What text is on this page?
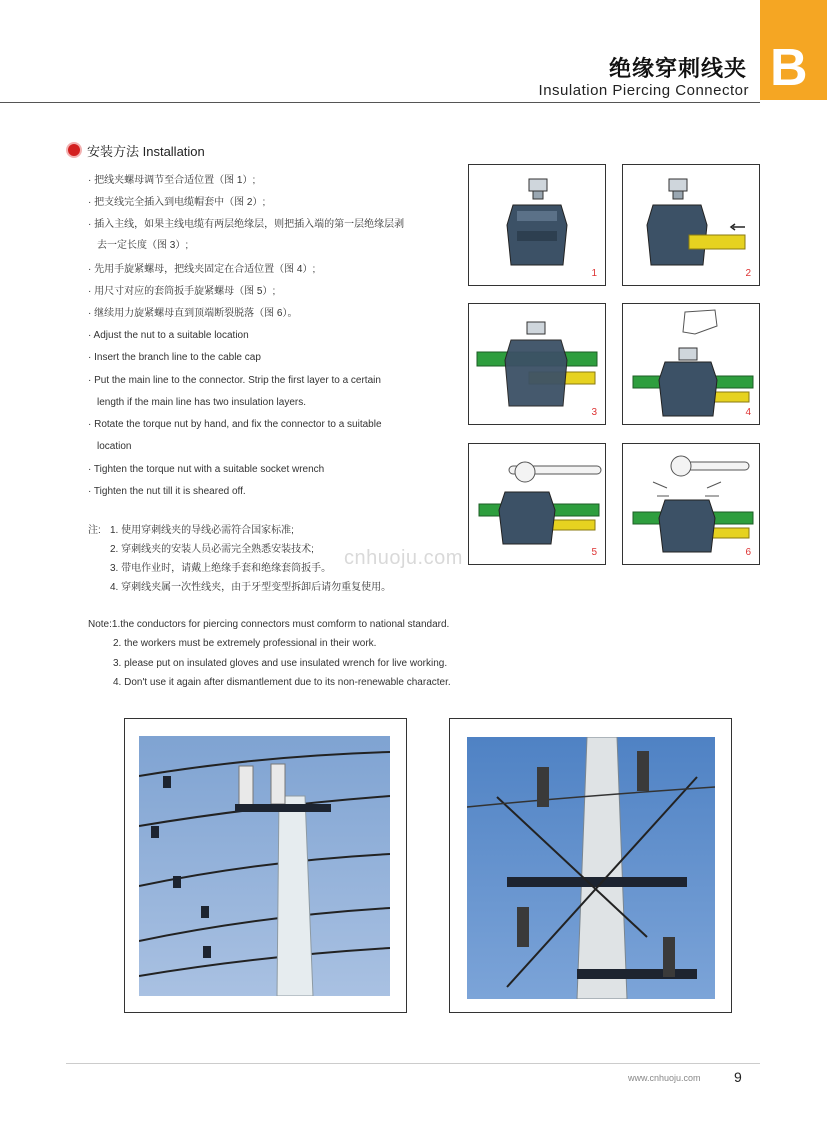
绝缘穿刺线夹
Insulation Piercing Connector B
安装方法 Installation
· 把线夹螺母调节至合适位置（图 1）;
· 把支线完全插入到电缆帽套中（图 2）;
· 插入主线，如果主线电缆有两层绝缘层，则把插入端的第一层绝缘层剥
去一定长度（图 3）;
· 先用手旋紧螺母，把线夹固定在合适位置（图 4）;
· 用尺寸对应的套筒扳手旋紧螺母（图 5）;
· 继续用力旋紧螺母直到顶端断裂脱落（图 6）。
· Adjust the nut to a suitable location
· Insert the branch line to the cable cap
· Put the main line to the connector. Strip the first layer to a certain
length if the main line has two insulation layers.
· Rotate the torque nut by hand, and fix the connector to a suitable
location
· Tighten the torque nut with a suitable socket wrench
· Tighten the nut till it is sheared off.
注: 1. 使用穿刺线夹的导线必需符合国家标准;
2. 穿刺线夹的安装人员必需完全熟悉安装技术;
3. 带电作业时，请戴上绝缘手套和绝缘套筒扳手。
4. 穿刺线夹属一次性线夹，由于牙型变型拆卸后请勿重复使用。
Note:1.the conductors for piercing connectors must comform to national standard.
2. the workers must be extremely professional in their work.
3. please put on insulated gloves and use insulated wrench for live working.
4. Don't use it again after dismantlement due to its non-renewable character.
cnhuoju.com
1	2
3	4
5	6
www.cnhuoju.com 9
